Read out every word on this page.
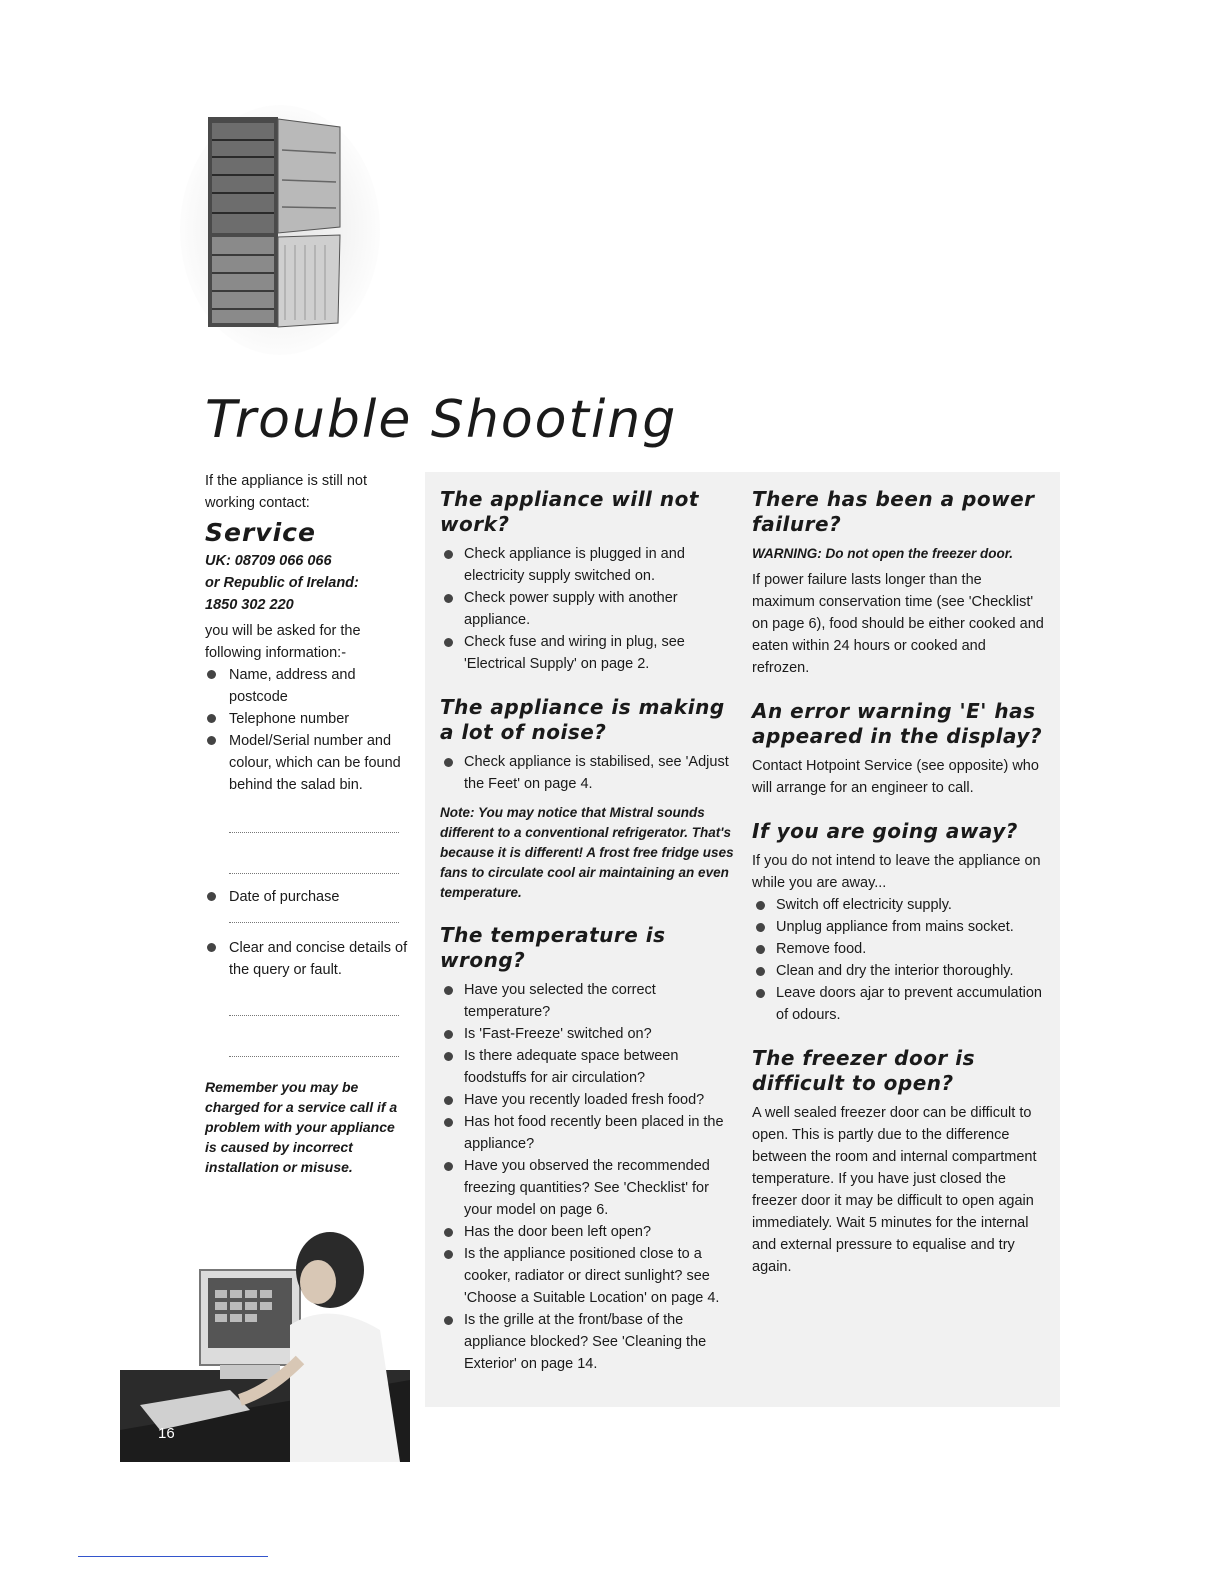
Trouble Shooting

If the appliance is still not working contact:

Service

UK: 08709 066 066

or Republic of Ireland:

1850 302 220

you will be asked for the following information:-

Name, address and postcode
Telephone number
Model/Serial number and colour, which can be found behind the salad bin.
Date of purchase
Clear and concise details of the query or fault.

Remember you may be charged for a service call if a problem with your appliance is caused by incorrect installation or misuse.

The appliance will not work?
Check appliance is plugged in and electricity supply switched on.
Check power supply with another appliance.
Check fuse and wiring in plug, see 'Electrical Supply' on page 2.
The appliance is making a lot of noise?
Check appliance is stabilised, see 'Adjust the Feet' on page 4.

Note: You may notice that Mistral sounds different to a conventional refrigerator. That's because it is different! A frost free fridge uses fans to circulate cool air maintaining an even temperature.

The temperature is wrong?
Have you selected the correct temperature?
Is 'Fast-Freeze' switched on?
Is there adequate space between foodstuffs for air circulation?
Have you recently loaded fresh food?
Has hot food recently been placed in the appliance?
Have you observed the recommended freezing quantities? See 'Checklist' for your model on page 6.
Has the door been left open?
Is the appliance positioned close to a cooker, radiator or direct sunlight? see 'Choose a Suitable Location' on page 4.
Is the grille at the front/base of the appliance blocked? See 'Cleaning the Exterior' on page 14.
There has been a power failure?

WARNING: Do not open the freezer door.

If power failure lasts longer than the maximum conservation time (see 'Checklist' on page 6), food should be either cooked and eaten within 24 hours or cooked and refrozen.

An error warning 'E' has appeared in the display?

Contact Hotpoint Service (see opposite) who will arrange for an engineer to call.

If you are going away?

If you do not intend to leave the appliance on while you are away...

Switch off electricity supply.
Unplug appliance from mains socket.
Remove food.
Clean and dry the interior thoroughly.
Leave doors ajar to prevent accumulation of odours.
The freezer door is difficult to open?

A well sealed freezer door can be difficult to open. This is partly due to the difference between the room and internal compartment temperature. If you have just closed the freezer door it may be difficult to open again immediately. Wait 5 minutes for the internal and external pressure to equalise and try again.

16
